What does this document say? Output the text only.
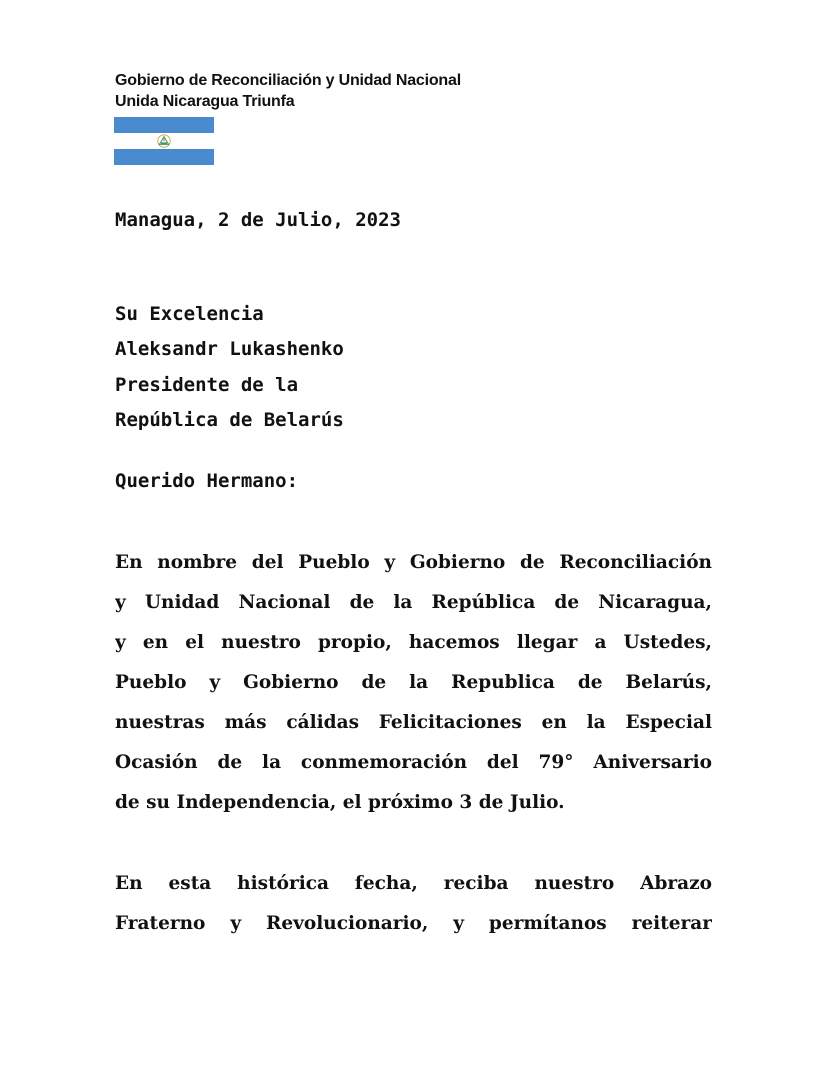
Gobierno de Reconciliación y Unidad Nacional
Unida Nicaragua Triunfa
Managua, 2 de Julio, 2023
Su Excelencia
Aleksandr Lukashenko
Presidente de la
República de Belarús
Querido Hermano:
En nombre del Pueblo y Gobierno de Reconciliación
y Unidad Nacional de la República de Nicaragua,
y en el nuestro propio, hacemos llegar a Ustedes,
Pueblo y Gobierno de la Republica de Belarús,
nuestras más cálidas Felicitaciones en la Especial
Ocasión de la conmemoración del 79° Aniversario
de su Independencia, el próximo 3 de Julio.
En esta histórica fecha, reciba nuestro Abrazo
Fraterno y Revolucionario, y permítanos reiterar
